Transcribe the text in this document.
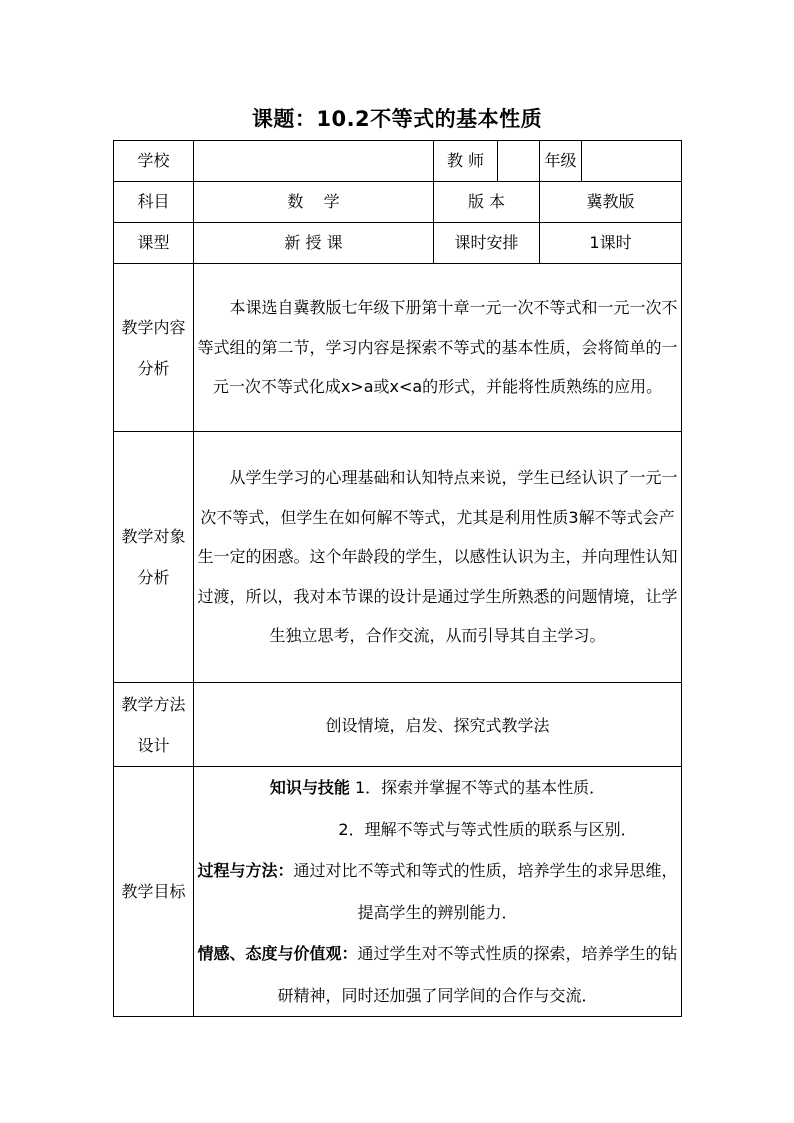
课题：10.2不等式的基本性质
学校		教 师	年级	
科目	数    学	版 本	冀教版	
课型	新 授 课	课时安排	1课时	
教学内容分析	本课选自冀教版七年级下册第十章一元一次不等式和一元一次不等式组的第二节，学习内容是探索不等式的基本性质，会将简单的一元一次不等式化成x>a或x<a的形式，并能将性质熟练的应用。			
教学对象分析	从学生学习的心理基础和认知特点来说，学生已经认识了一元一次不等式，但学生在如何解不等式，尤其是利用性质3解不等式会产生一定的困惑。这个年龄段的学生，以感性认识为主，并向理性认知过渡，所以，我对本节课的设计是通过学生所熟悉的问题情境，让学生独立思考，合作交流，从而引导其自主学习。			
教学方法设计	创设情境，启发、探究式教学法			
教学目标	知识与技能 1．探索并掌握不等式的基本性质．
2．理解不等式与等式性质的联系与区别．
过程与方法：通过对比不等式和等式的性质，培养学生的求异思维，提高学生的辨别能力．
情感、态度与价值观：通过学生对不等式性质的探索，培养学生的钻研精神，同时还加强了同学间的合作与交流．			
